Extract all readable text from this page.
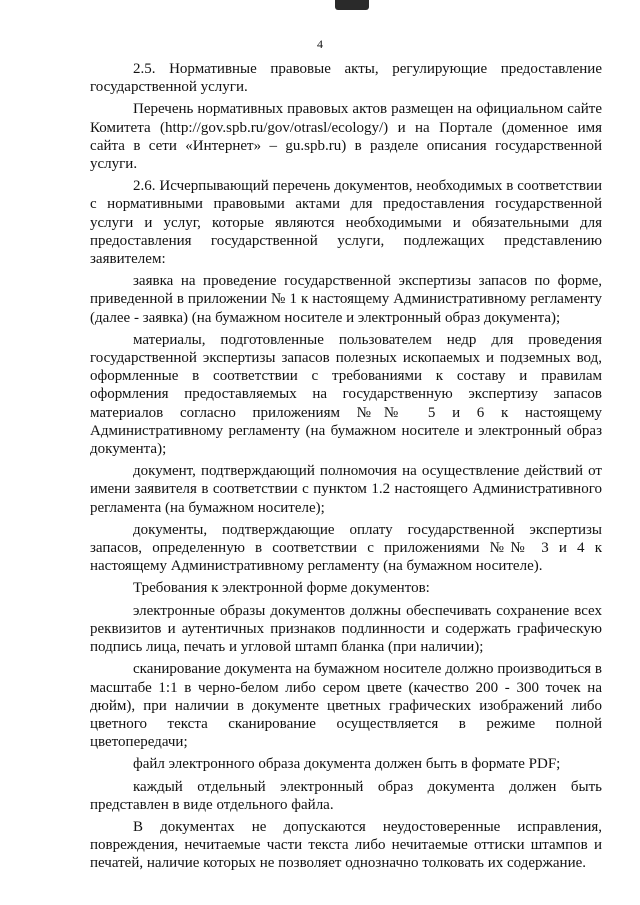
4

2.5. Нормативные правовые акты, регулирующие предоставление государственной услуги.

Перечень нормативных правовых актов размещен на официальном сайте Комитета (http://gov.spb.ru/gov/otrasl/ecology/) и на Портале (доменное имя сайта в сети «Интернет» – gu.spb.ru) в разделе описания государственной услуги.

2.6. Исчерпывающий перечень документов, необходимых в соответствии с нормативными правовыми актами для предоставления государственной услуги и услуг, которые являются необходимыми и обязательными для предоставления государственной услуги, подлежащих представлению заявителем:

заявка на проведение государственной экспертизы запасов по форме, приведенной в приложении № 1 к настоящему Административному регламенту (далее - заявка) (на бумажном носителе и электронный образ документа);

материалы, подготовленные пользователем недр для проведения государственной экспертизы запасов полезных ископаемых и подземных вод, оформленные в соответствии с требованиями к составу и правилам оформления предоставляемых на государственную экспертизу запасов материалов согласно приложениям №№ 5 и 6 к настоящему Административному регламенту (на бумажном носителе и электронный образ документа);

документ, подтверждающий полномочия на осуществление действий от имени заявителя в соответствии с пунктом 1.2 настоящего Административного регламента (на бумажном носителе);

документы, подтверждающие оплату государственной экспертизы запасов, определенную в соответствии с приложениями №№ 3 и 4 к настоящему Административному регламенту (на бумажном носителе).

Требования к электронной форме документов:

электронные образы документов должны обеспечивать сохранение всех реквизитов и аутентичных признаков подлинности и содержать графическую подпись лица, печать и угловой штамп бланка (при наличии);

сканирование документа на бумажном носителе должно производиться в масштабе 1:1 в черно-белом либо сером цвете (качество 200 - 300 точек на дюйм), при наличии в документе цветных графических изображений либо цветного текста сканирование осуществляется в режиме полной цветопередачи;

файл электронного образа документа должен быть в формате PDF;

каждый отдельный электронный образ документа должен быть представлен в виде отдельного файла.

В документах не допускаются неудостоверенные исправления, повреждения, нечитаемые части текста либо нечитаемые оттиски штампов и печатей, наличие которых не позволяет однозначно толковать их содержание.
